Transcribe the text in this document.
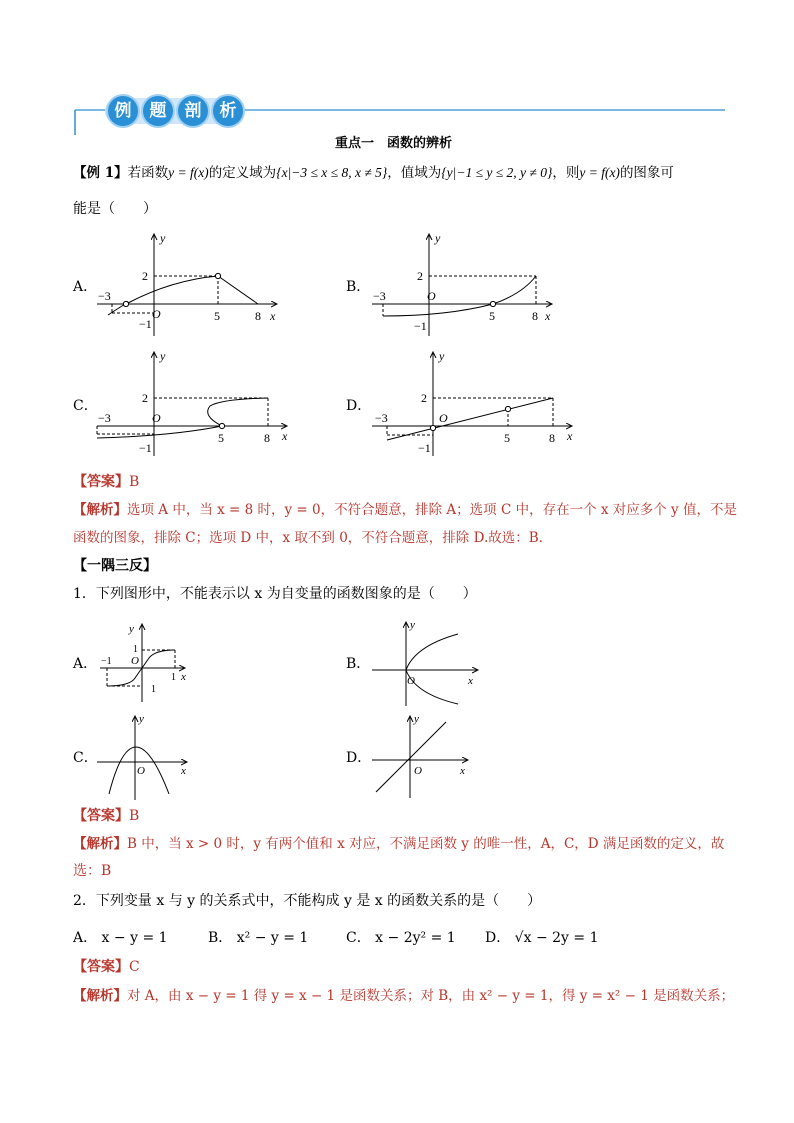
例	题	剖	析
重点一　函数的辨析
【例 1】若函数y = f(x)的定义域为{x|−3 ≤ x ≤ 8, x ≠ 5}，值域为{y|−1 ≤ y ≤ 2, y ≠ 0}，则y = f(x)的图象可
能是（　　）
A．	B．
C．	D．
y
x
O
−3
−1
2
5	8
y
x
O
−3
−1
2
5	8
y
x
O
−3
−1
2
5	8
y
x
O
−3
−1
2
5	8
【答案】B
【解析】选项 A 中，当 x = 8 时，y = 0，不符合题意，排除 A；选项 C 中，存在一个 x 对应多个 y 值，不是
函数的图象，排除 C；选项 D 中，x 取不到 0，不符合题意，排除 D.故选：B.
【一隅三反】
1．下列图形中，不能表示以 x 为自变量的函数图象的是（　　）
A．	B．
C．	D．
y
x
O
−1
1
1
1
y
x
O
y
x
O
y
x
O
【答案】B
【解析】B 中，当 x > 0 时，y 有两个值和 x 对应，不满足函数 y 的唯一性，A，C，D 满足函数的定义，故
选：B
2．下列变量 x 与 y 的关系式中，不能构成 y 是 x 的函数关系的是（　　）
A． x − y = 1	B． x² − y = 1	C． x − 2y² = 1 D． √x − 2y = 1
【答案】C
【解析】对 A，由 x − y = 1 得 y = x − 1 是函数关系；对 B，由 x² − y = 1，得 y = x² − 1 是函数关系；
